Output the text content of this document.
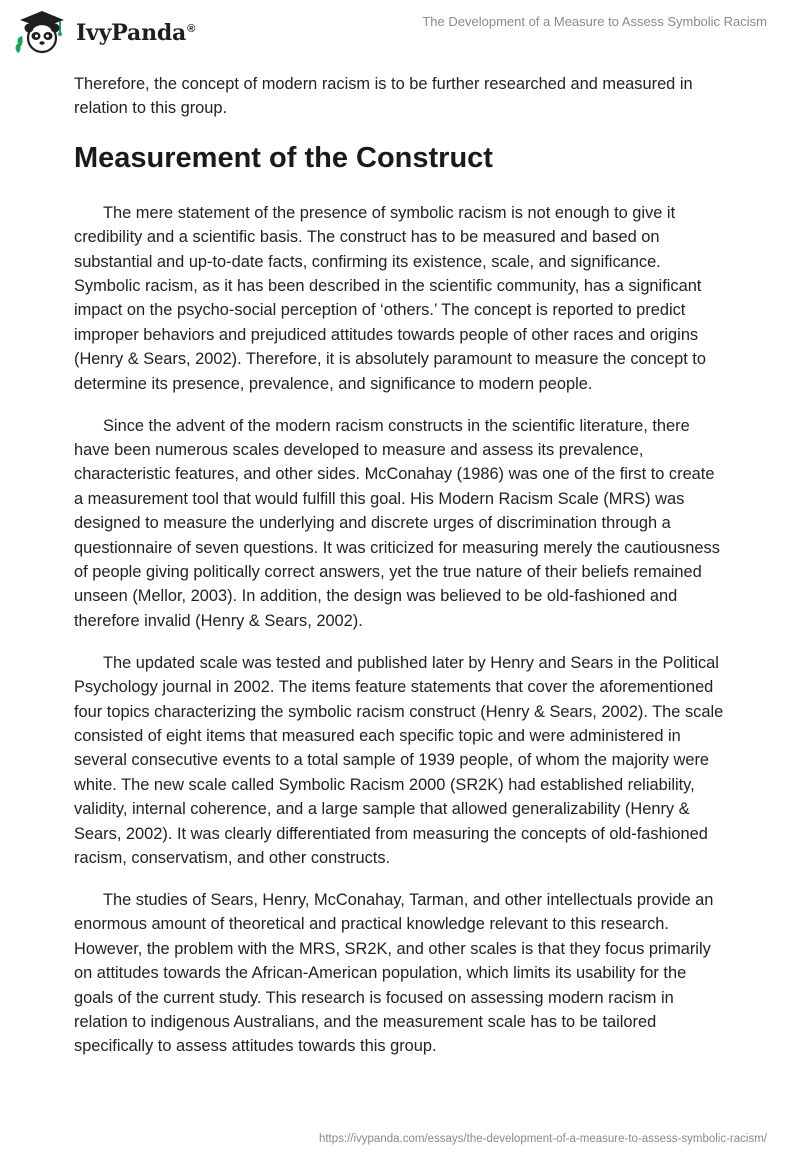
IvyPanda®	The Development of a Measure to Assess Symbolic Racism

Therefore, the concept of modern racism is to be further researched and measured in relation to this group.

Measurement of the Construct

The mere statement of the presence of symbolic racism is not enough to give it credibility and a scientific basis. The construct has to be measured and based on substantial and up-to-date facts, confirming its existence, scale, and significance. Symbolic racism, as it has been described in the scientific community, has a significant impact on the psycho-social perception of ‘others.’ The concept is reported to predict improper behaviors and prejudiced attitudes towards people of other races and origins (Henry & Sears, 2002). Therefore, it is absolutely paramount to measure the concept to determine its presence, prevalence, and significance to modern people.

Since the advent of the modern racism constructs in the scientific literature, there have been numerous scales developed to measure and assess its prevalence, characteristic features, and other sides. McConahay (1986) was one of the first to create a measurement tool that would fulfill this goal. His Modern Racism Scale (MRS) was designed to measure the underlying and discrete urges of discrimination through a questionnaire of seven questions. It was criticized for measuring merely the cautiousness of people giving politically correct answers, yet the true nature of their beliefs remained unseen (Mellor, 2003). In addition, the design was believed to be old-fashioned and therefore invalid (Henry & Sears, 2002).

The updated scale was tested and published later by Henry and Sears in the Political Psychology journal in 2002. The items feature statements that cover the aforementioned four topics characterizing the symbolic racism construct (Henry & Sears, 2002). The scale consisted of eight items that measured each specific topic and were administered in several consecutive events to a total sample of 1939 people, of whom the majority were white. The new scale called Symbolic Racism 2000 (SR2K) had established reliability, validity, internal coherence, and a large sample that allowed generalizability (Henry & Sears, 2002). It was clearly differentiated from measuring the concepts of old-fashioned racism, conservatism, and other constructs.

The studies of Sears, Henry, McConahay, Tarman, and other intellectuals provide an enormous amount of theoretical and practical knowledge relevant to this research. However, the problem with the MRS, SR2K, and other scales is that they focus primarily on attitudes towards the African-American population, which limits its usability for the goals of the current study. This research is focused on assessing modern racism in relation to indigenous Australians, and the measurement scale has to be tailored specifically to assess attitudes towards this group.

https://ivypanda.com/essays/the-development-of-a-measure-to-assess-symbolic-racism/
